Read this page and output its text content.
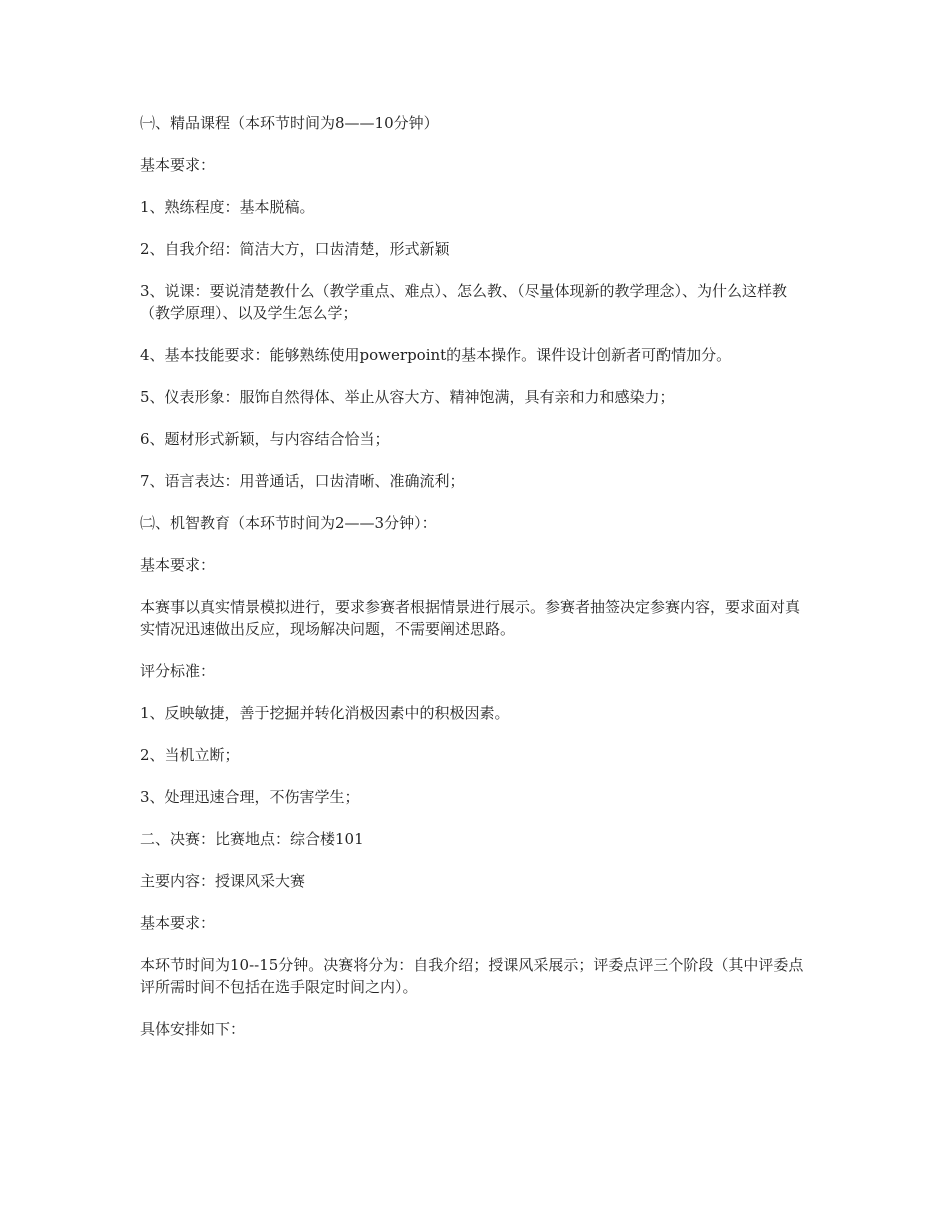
㈠、精品课程（本环节时间为8——10分钟）

基本要求：

1、熟练程度：基本脱稿。

2、自我介绍：简洁大方，口齿清楚，形式新颖

3、说课：要说清楚教什么（教学重点、难点）、怎么教、（尽量体现新的教学理念）、为什么这样教（教学原理）、以及学生怎么学；

4、基本技能要求：能够熟练使用powerpoint的基本操作。课件设计创新者可酌情加分。

5、仪表形象：服饰自然得体、举止从容大方、精神饱满，具有亲和力和感染力；

6、题材形式新颖，与内容结合恰当；

7、语言表达：用普通话，口齿清晰、准确流利；

㈡、机智教育（本环节时间为2——3分钟）：

基本要求：

本赛事以真实情景模拟进行，要求参赛者根据情景进行展示。参赛者抽签决定参赛内容，要求面对真实情况迅速做出反应，现场解决问题，不需要阐述思路。

评分标准：

1、反映敏捷，善于挖掘并转化消极因素中的积极因素。

2、当机立断；

3、处理迅速合理，不伤害学生；

二、决赛：比赛地点：综合楼101

主要内容：授课风采大赛

基本要求：

本环节时间为10--15分钟。决赛将分为：自我介绍；授课风采展示；评委点评三个阶段（其中评委点评所需时间不包括在选手限定时间之内）。

具体安排如下：
